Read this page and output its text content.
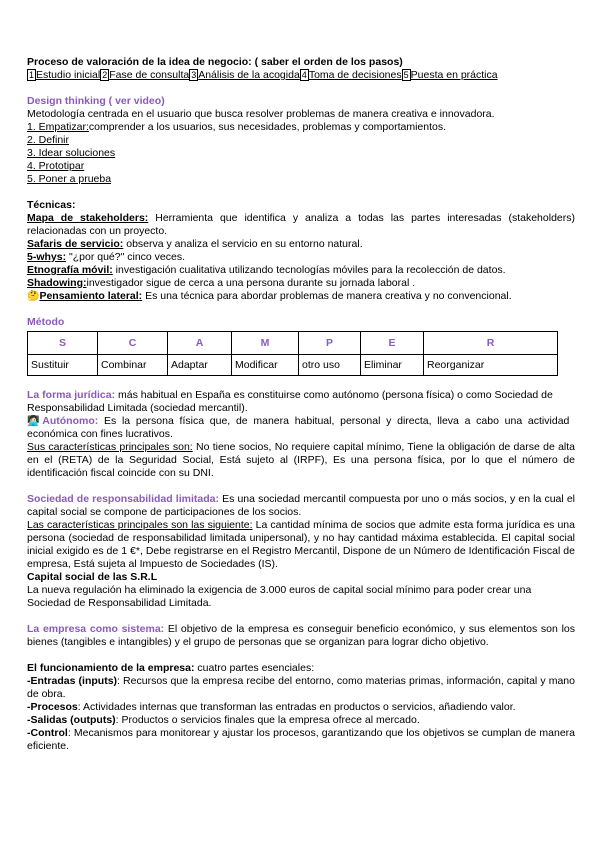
Proceso de valoración de la idea de negocio: ( saber el orden de los pasos)
1 Estudio inicial 2 Fase de consulta 3 Análisis de la acogida 4 Toma de decisiones 5 Puesta en práctica
Design thinking ( ver video)
Metodología centrada en el usuario que busca resolver problemas de manera creativa e innovadora.
1. Empatizar:comprender a los usuarios, sus necesidades, problemas y comportamientos.
2. Definir
3. Idear soluciones
4. Prototipar
5. Poner a prueba
Técnicas:
Mapa de stakeholders: Herramienta que identifica y analiza a todas las partes interesadas (stakeholders) relacionadas con un proyecto.
Safaris de servicio: observa y analiza el servicio en su entorno natural.
5-whys: "¿por qué?" cinco veces.
Etnografía móvil: investigación cualitativa utilizando tecnologías móviles para la recolección de datos.
Shadowing:investigador sigue de cerca a una persona durante su jornada laboral .
🤔Pensamiento lateral: Es una técnica para abordar problemas de manera creativa y no convencional.
Método
S	C	A	M	P	E	R
Sustituir	Combinar	Adaptar	Modificar	otro uso	Eliminar	Reorganizar
La forma jurídica: más habitual en España es constituirse como autónomo (persona física) o como Sociedad de Responsabilidad Limitada (sociedad mercantil).
👩🏻‍💻Autónomo: Es la persona física que, de manera habitual, personal y directa, lleva a cabo una actividad económica con fines lucrativos.
Sus características principales son: No tiene socios, No requiere capital mínimo, Tiene la obligación de darse de alta en el (RETA) de la Seguridad Social, Está sujeto al (IRPF), Es una persona física, por lo que el número de identificación fiscal coincide con su DNI.
Sociedad de responsabilidad limitada: Es una sociedad mercantil compuesta por uno o más socios, y en la cual el capital social se compone de participaciones de los socios.
Las características principales son las siguiente: La cantidad mínima de socios que admite esta forma jurídica es una persona (sociedad de responsabilidad limitada unipersonal), y no hay cantidad máxima establecida. El capital social inicial exigido es de 1 €*, Debe registrarse en el Registro Mercantil, Dispone de un Número de Identificación Fiscal de empresa, Está sujeta al Impuesto de Sociedades (IS).
Capital social de las S.R.L
La nueva regulación ha eliminado la exigencia de 3.000 euros de capital social mínimo para poder crear una Sociedad de Responsabilidad Limitada.
La empresa como sistema: El objetivo de la empresa es conseguir beneficio económico, y sus elementos son los bienes (tangibles e intangibles) y el grupo de personas que se organizan para lograr dicho objetivo.
El funcionamiento de la empresa: cuatro partes esenciales:
-Entradas (inputs): Recursos que la empresa recibe del entorno, como materias primas, información, capital y mano de obra.
-Procesos: Actividades internas que transforman las entradas en productos o servicios, añadiendo valor.
-Salidas (outputs): Productos o servicios finales que la empresa ofrece al mercado.
-Control: Mecanismos para monitorear y ajustar los procesos, garantizando que los objetivos se cumplan de manera eficiente.
